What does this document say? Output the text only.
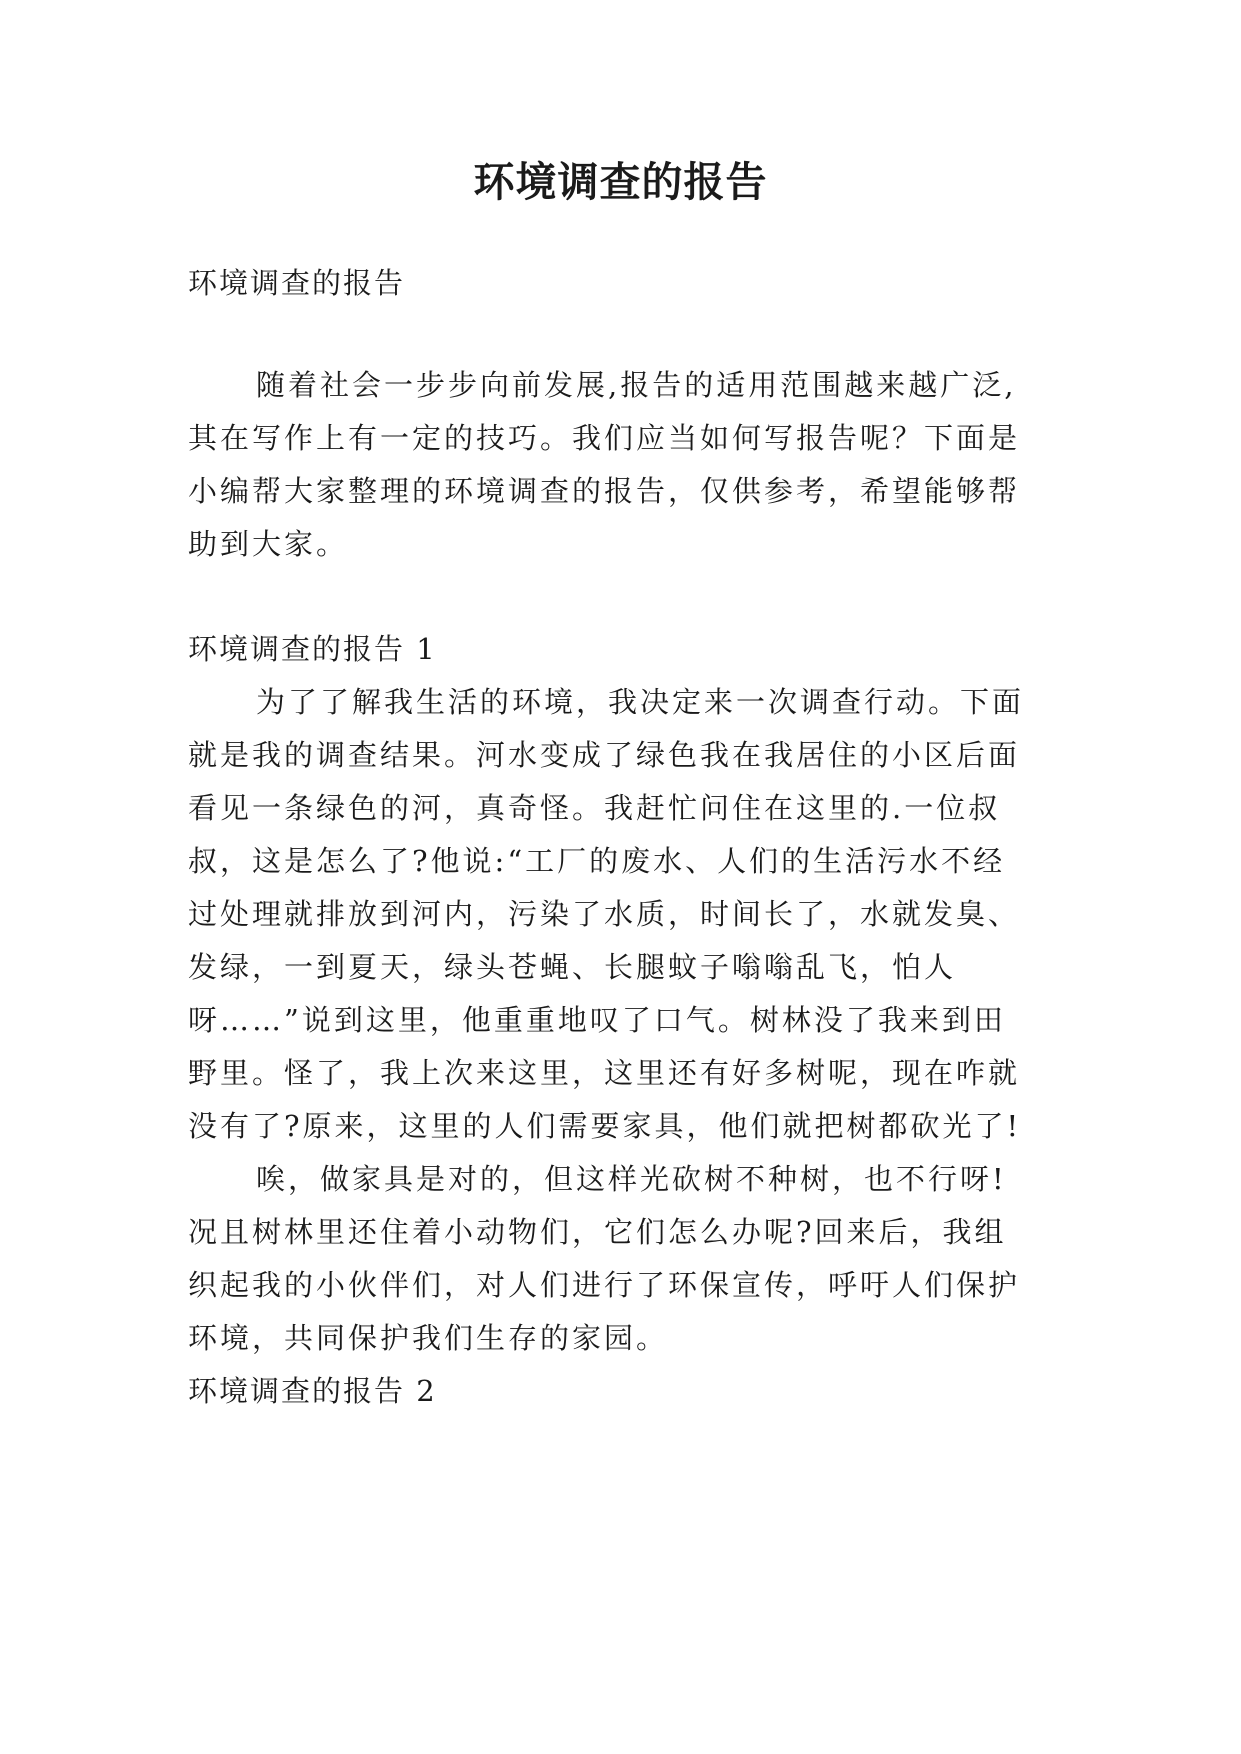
环境调查的报告
环境调查的报告
随着社会一步步向前发展,报告的适用范围越来越广泛,
其在写作上有一定的技巧。我们应当如何写报告呢？下面是
小编帮大家整理的环境调查的报告，仅供参考，希望能够帮
助到大家。
环境调查的报告 1
为了了解我生活的环境，我决定来一次调查行动。下面
就是我的调查结果。河水变成了绿色我在我居住的小区后面
看见一条绿色的河，真奇怪。我赶忙问住在这里的.一位叔
叔，这是怎么了?他说:“工厂的废水、人们的生活污水不经
过处理就排放到河内，污染了水质，时间长了，水就发臭、
发绿，一到夏天，绿头苍蝇、长腿蚊子嗡嗡乱飞，怕人
呀……”说到这里，他重重地叹了口气。树林没了我来到田
野里。怪了，我上次来这里，这里还有好多树呢，现在咋就
没有了?原来，这里的人们需要家具，他们就把树都砍光了!
唉，做家具是对的，但这样光砍树不种树，也不行呀!
况且树林里还住着小动物们，它们怎么办呢?回来后，我组
织起我的小伙伴们，对人们进行了环保宣传，呼吁人们保护
环境，共同保护我们生存的家园。
环境调查的报告 2
